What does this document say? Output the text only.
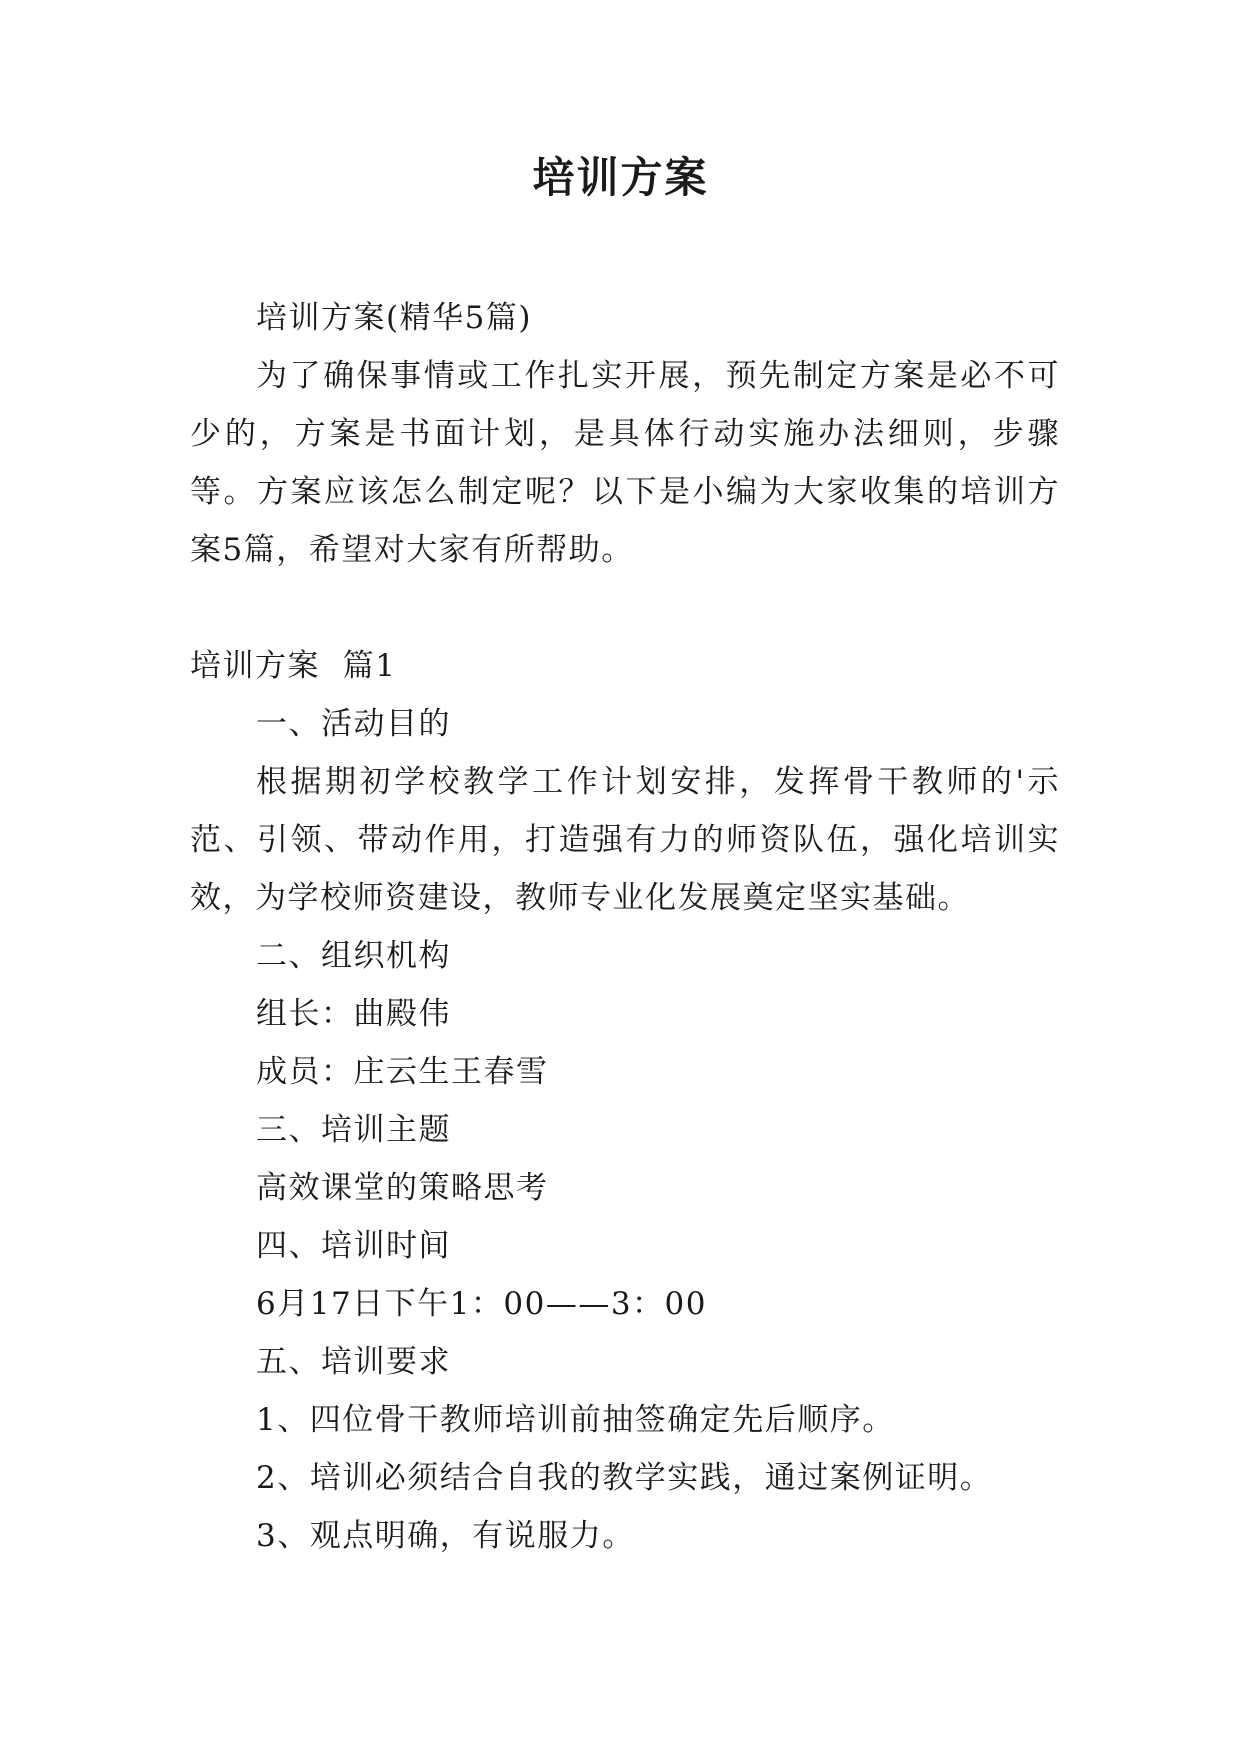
培训方案

培训方案(精华5篇)

为了确保事情或工作扎实开展，预先制定方案是必不可少的，方案是书面计划，是具体行动实施办法细则，步骤等。方案应该怎么制定呢？以下是小编为大家收集的培训方案5篇，希望对大家有所帮助。

培训方案  篇1

一、活动目的

根据期初学校教学工作计划安排，发挥骨干教师的'示范、引领、带动作用，打造强有力的师资队伍，强化培训实效，为学校师资建设，教师专业化发展奠定坚实基础。

二、组织机构

组长：曲殿伟

成员：庄云生王春雪

三、培训主题

高效课堂的策略思考

四、培训时间

6月17日下午1：00——3：00

五、培训要求

1、四位骨干教师培训前抽签确定先后顺序。

2、培训必须结合自我的教学实践，通过案例证明。

3、观点明确，有说服力。
